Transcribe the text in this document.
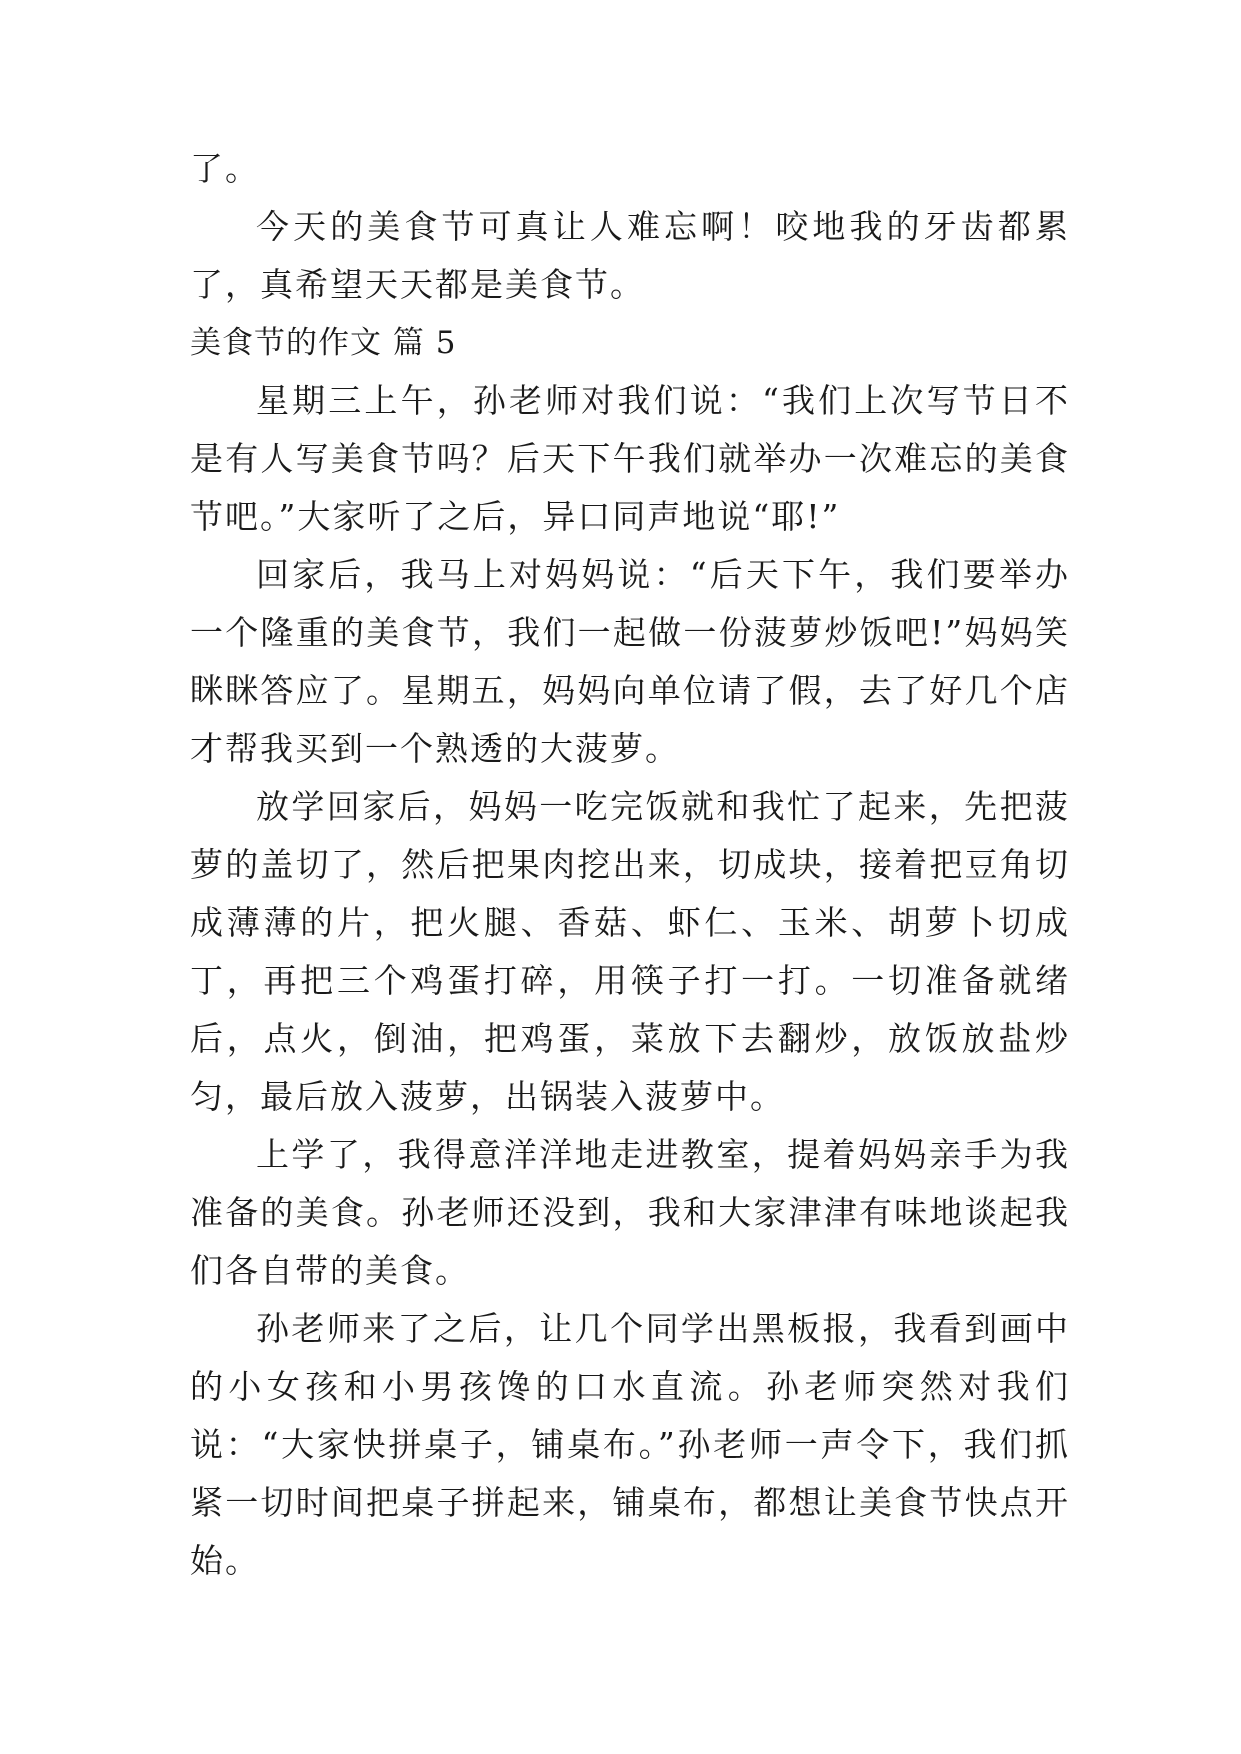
了。

今天的美食节可真让人难忘啊！咬地我的牙齿都累了，真希望天天都是美食节。

美食节的作文 篇 5

星期三上午，孙老师对我们说：“我们上次写节日不是有人写美食节吗？后天下午我们就举办一次难忘的美食节吧。”大家听了之后，异口同声地说“耶!”

回家后，我马上对妈妈说：“后天下午，我们要举办一个隆重的美食节，我们一起做一份菠萝炒饭吧!”妈妈笑眯眯答应了。星期五，妈妈向单位请了假，去了好几个店才帮我买到一个熟透的大菠萝。

放学回家后，妈妈一吃完饭就和我忙了起来，先把菠萝的盖切了，然后把果肉挖出来，切成块，接着把豆角切成薄薄的片，把火腿、香菇、虾仁、玉米、胡萝卜切成丁，再把三个鸡蛋打碎，用筷子打一打。一切准备就绪后，点火，倒油，把鸡蛋，菜放下去翻炒，放饭放盐炒匀，最后放入菠萝，出锅装入菠萝中。

上学了，我得意洋洋地走进教室，提着妈妈亲手为我准备的美食。孙老师还没到，我和大家津津有味地谈起我们各自带的美食。

孙老师来了之后，让几个同学出黑板报，我看到画中的小女孩和小男孩馋的口水直流。孙老师突然对我们说：“大家快拼桌子，铺桌布。”孙老师一声令下，我们抓紧一切时间把桌子拼起来，铺桌布，都想让美食节快点开始。
